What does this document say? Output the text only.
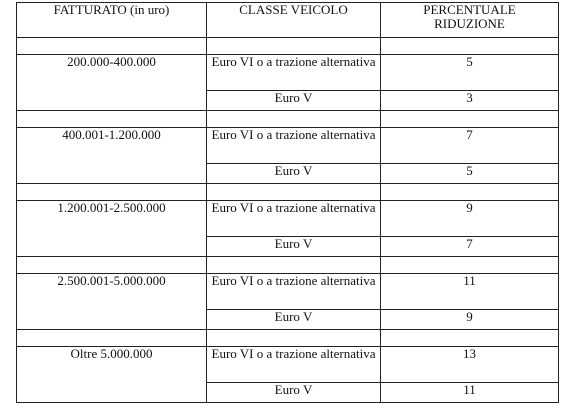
FATTURATO (in uro)	CLASSE VEICOLO	PERCENTUALE
RIDUZIONE

200.000-400.000	Euro VI o a trazione alternativa	5
	Euro V	3

400.001-1.200.000	Euro VI o a trazione alternativa	7
	Euro V	5

1.200.001-2.500.000	Euro VI o a trazione alternativa	9
	Euro V	7

2.500.001-5.000.000	Euro VI o a trazione alternativa	11
	Euro V	9

Oltre 5.000.000	Euro VI o a trazione alternativa	13
	Euro V	11
